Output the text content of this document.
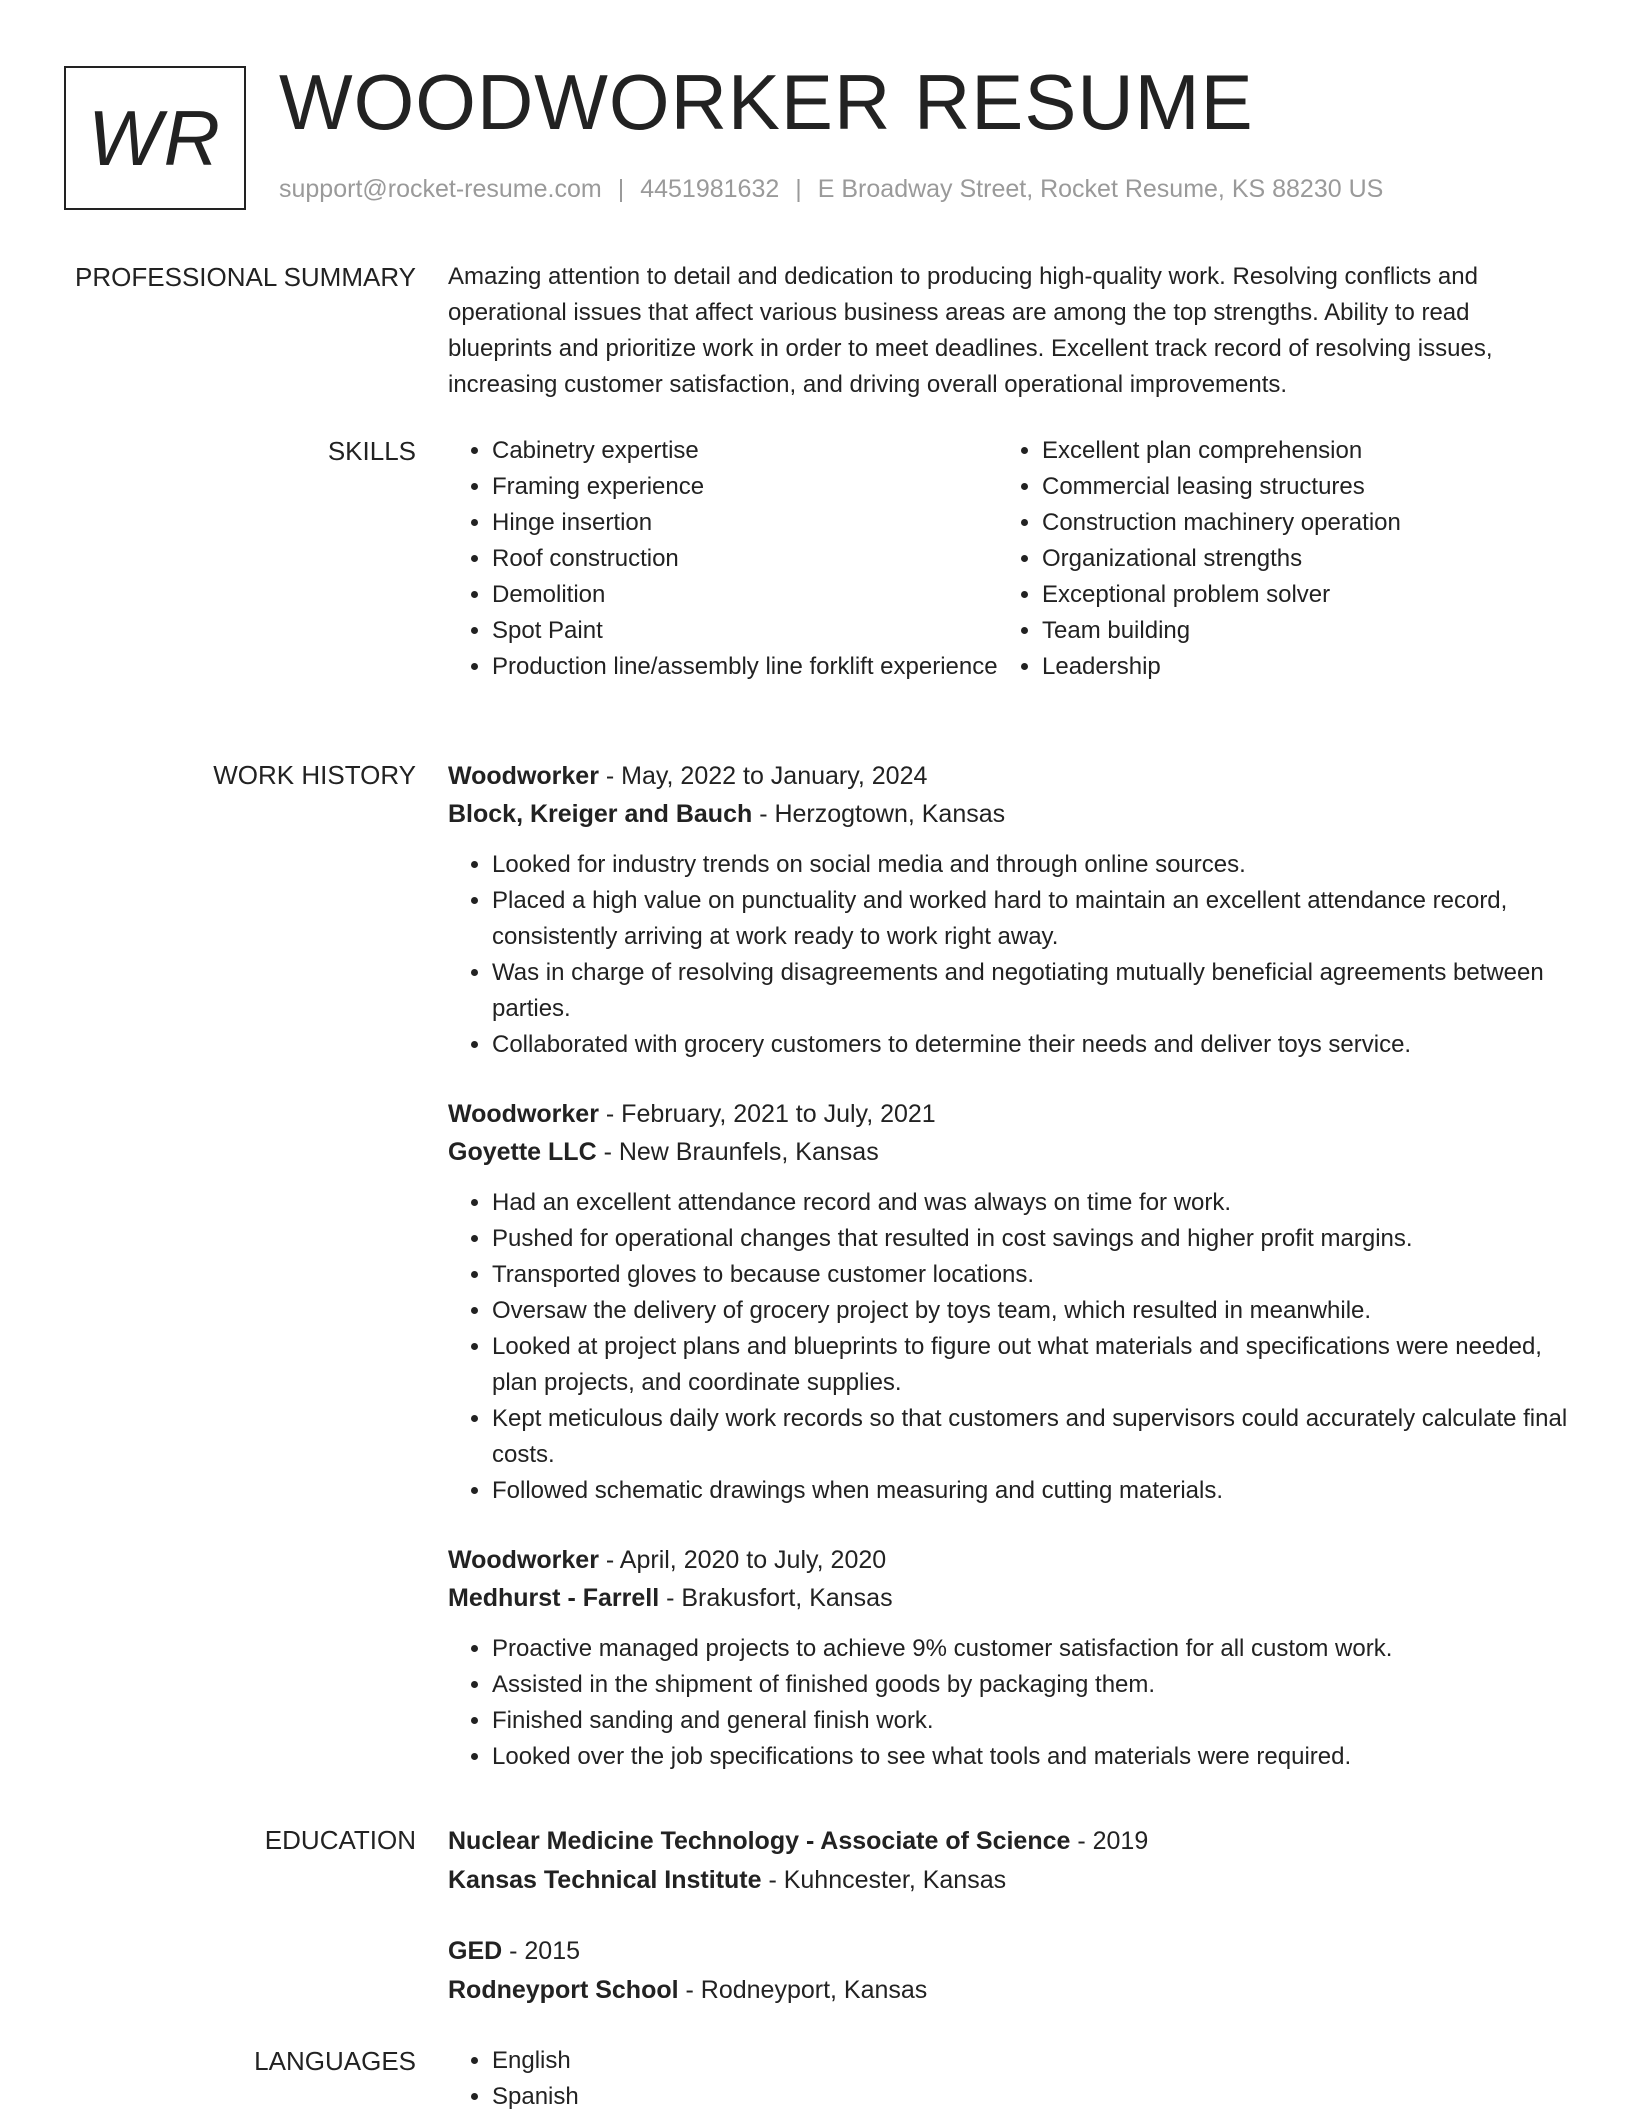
WR WOODWORKER RESUME
support@rocket-resume.com | 4451981632 | E Broadway Street, Rocket Resume, KS 88230 US
PROFESSIONAL SUMMARY Amazing attention to detail and dedication to producing high-quality work. Resolving conflicts and operational issues that affect various business areas are among the top strengths. Ability to read blueprints and prioritize work in order to meet deadlines. Excellent track record of resolving issues, increasing customer satisfaction, and driving overall operational improvements.

SKILLS	• Cabinetry expertise
• Framing experience
• Hinge insertion
• Roof construction
• Demolition
• Spot Paint
• Production line/assembly line forklift experience
• Excellent plan comprehension
• Commercial leasing structures
• Construction machinery operation
• Organizational strengths
• Exceptional problem solver
• Team building
• Leadership
WORK HISTORY Woodworker - May, 2022 to January, 2024
Block, Kreiger and Bauch - Herzogtown, Kansas
• Looked for industry trends on social media and through online sources.
• Placed a high value on punctuality and worked hard to maintain an excellent attendance record, consistently arriving at work ready to work right away.
• Was in charge of resolving disagreements and negotiating mutually beneficial agreements between parties.
• Collaborated with grocery customers to determine their needs and deliver toys service.
Woodworker - February, 2021 to July, 2021
Goyette LLC - New Braunfels, Kansas
• Had an excellent attendance record and was always on time for work.
• Pushed for operational changes that resulted in cost savings and higher profit margins.
• Transported gloves to because customer locations.
• Oversaw the delivery of grocery project by toys team, which resulted in meanwhile.
• Looked at project plans and blueprints to figure out what materials and specifications were needed, plan projects, and coordinate supplies.
• Kept meticulous daily work records so that customers and supervisors could accurately calculate final costs.
• Followed schematic drawings when measuring and cutting materials.
Woodworker - April, 2020 to July, 2020
Medhurst - Farrell - Brakusfort, Kansas
• Proactive managed projects to achieve 9% customer satisfaction for all custom work.
• Assisted in the shipment of finished goods by packaging them.
• Finished sanding and general finish work.
• Looked over the job specifications to see what tools and materials were required.
EDUCATION Nuclear Medicine Technology - Associate of Science - 2019
Kansas Technical Institute - Kuhncester, Kansas
GED - 2015
Rodneyport School - Rodneyport, Kansas
LANGUAGES	• English
• Spanish
